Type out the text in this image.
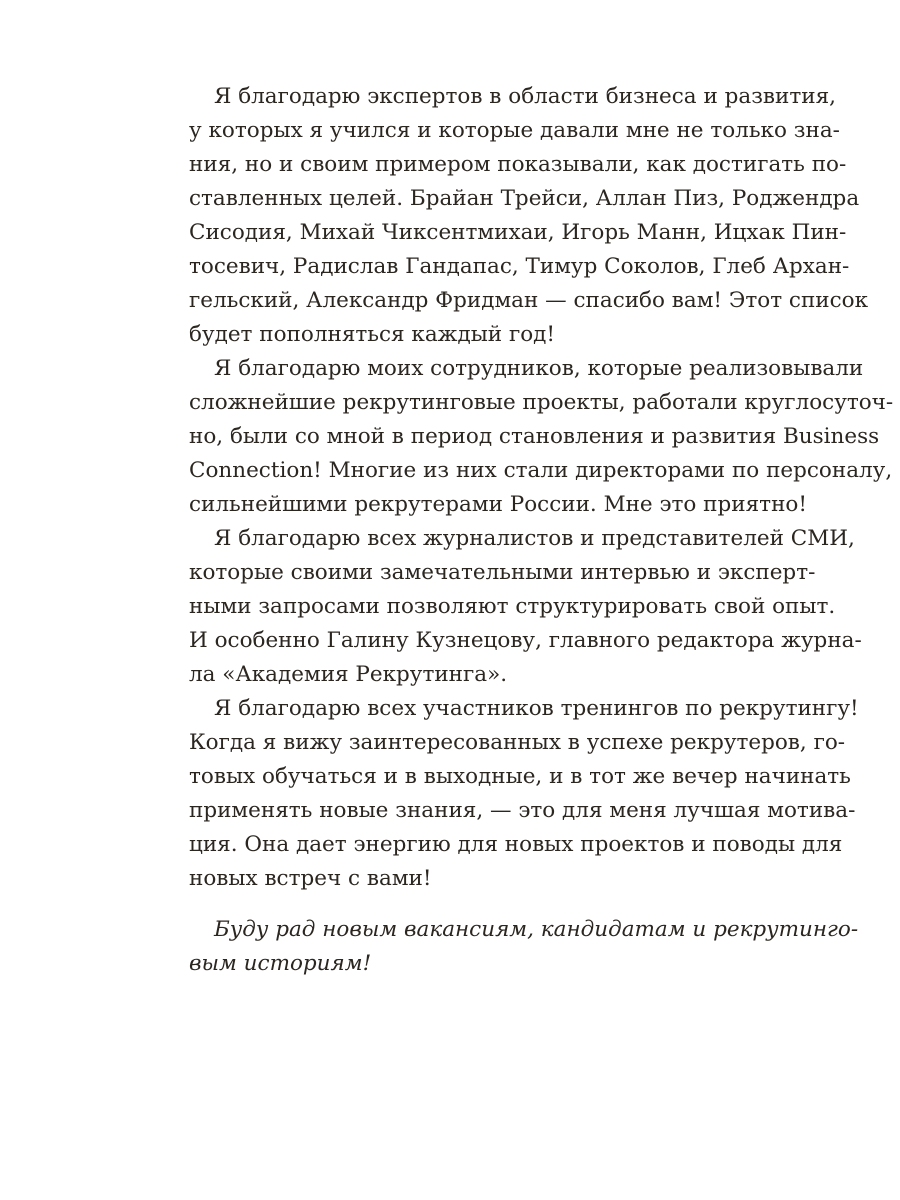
Я благодарю экспертов в области бизнеса и развития,
у которых я учился и которые давали мне не только зна-
ния, но и своим примером показывали, как достигать по-
ставленных целей. Брайан Трейси, Аллан Пиз, Роджендра
Сисодия, Михай Чиксентмихаи, Игорь Манн, Ицхак Пин-
тосевич, Радислав Гандапас, Тимур Соколов, Глеб Архан-
гельский, Александр Фридман — спасибо вам! Этот список
будет пополняться каждый год!
Я благодарю моих сотрудников, которые реализовывали
сложнейшие рекрутинговые проекты, работали круглосуточ-
но, были со мной в период становления и развития Business
Connection! Многие из них стали директорами по персоналу,
сильнейшими рекрутерами России. Мне это приятно!
Я благодарю всех журналистов и представителей СМИ,
которые своими замечательными интервью и эксперт-
ными запросами позволяют структурировать свой опыт.
И особенно Галину Кузнецову, главного редактора журна-
ла «Академия Рекрутинга».
Я благодарю всех участников тренингов по рекрутингу!
Когда я вижу заинтересованных в успехе рекрутеров, го-
товых обучаться и в выходные, и в тот же вечер начинать
применять новые знания, — это для меня лучшая мотива-
ция. Она дает энергию для новых проектов и поводы для
новых встреч с вами!
Буду рад новым вакансиям, кандидатам и рекрутинго-
вым историям!
